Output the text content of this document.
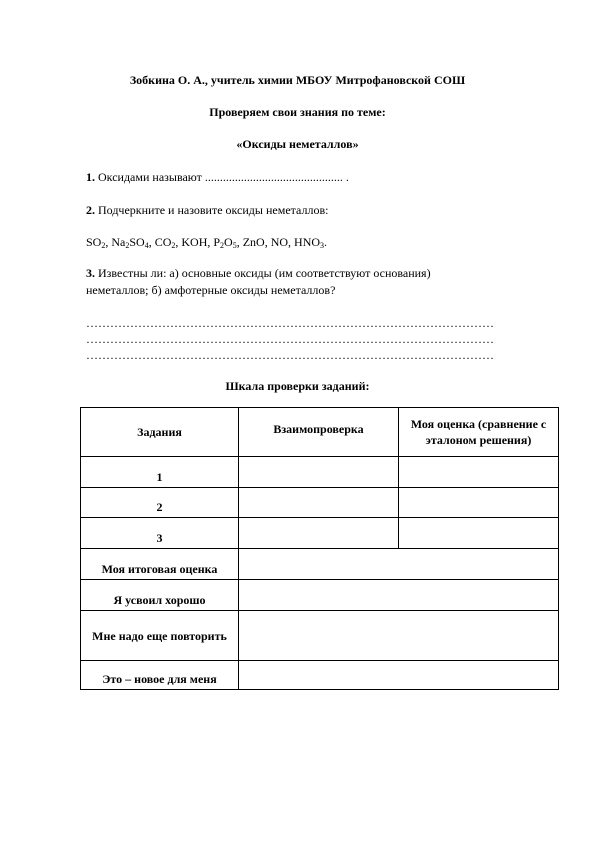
Зобкина О. А., учитель химии МБОУ Митрофановской СОШ
Проверяем свои знания по теме:
«Оксиды неметаллов»
1. Оксидами называют .............................................. .
2. Подчеркните и назовите оксиды неметаллов:
$SO_2$, $Na_2SO_4$, $CO_2$, KOH, $P_2O_5$, ZnO, NO, $HNO_3$.
3. Известны ли: а) основные оксиды (им соответствуют основания)
неметаллов; б) амфотерные оксиды неметаллов?
…………………………………………………………………………………………
…………………………………………………………………………………………
…………………………………………………………………………………………
Шкала проверки заданий:
Задания	Взаимопроверка	Моя оценка (сравнение с эталоном решения)
1		
2		
3		
Моя итоговая оценка		
Я усвоил хорошо		
Мне надо еще повторить		
Это – новое для меня		
